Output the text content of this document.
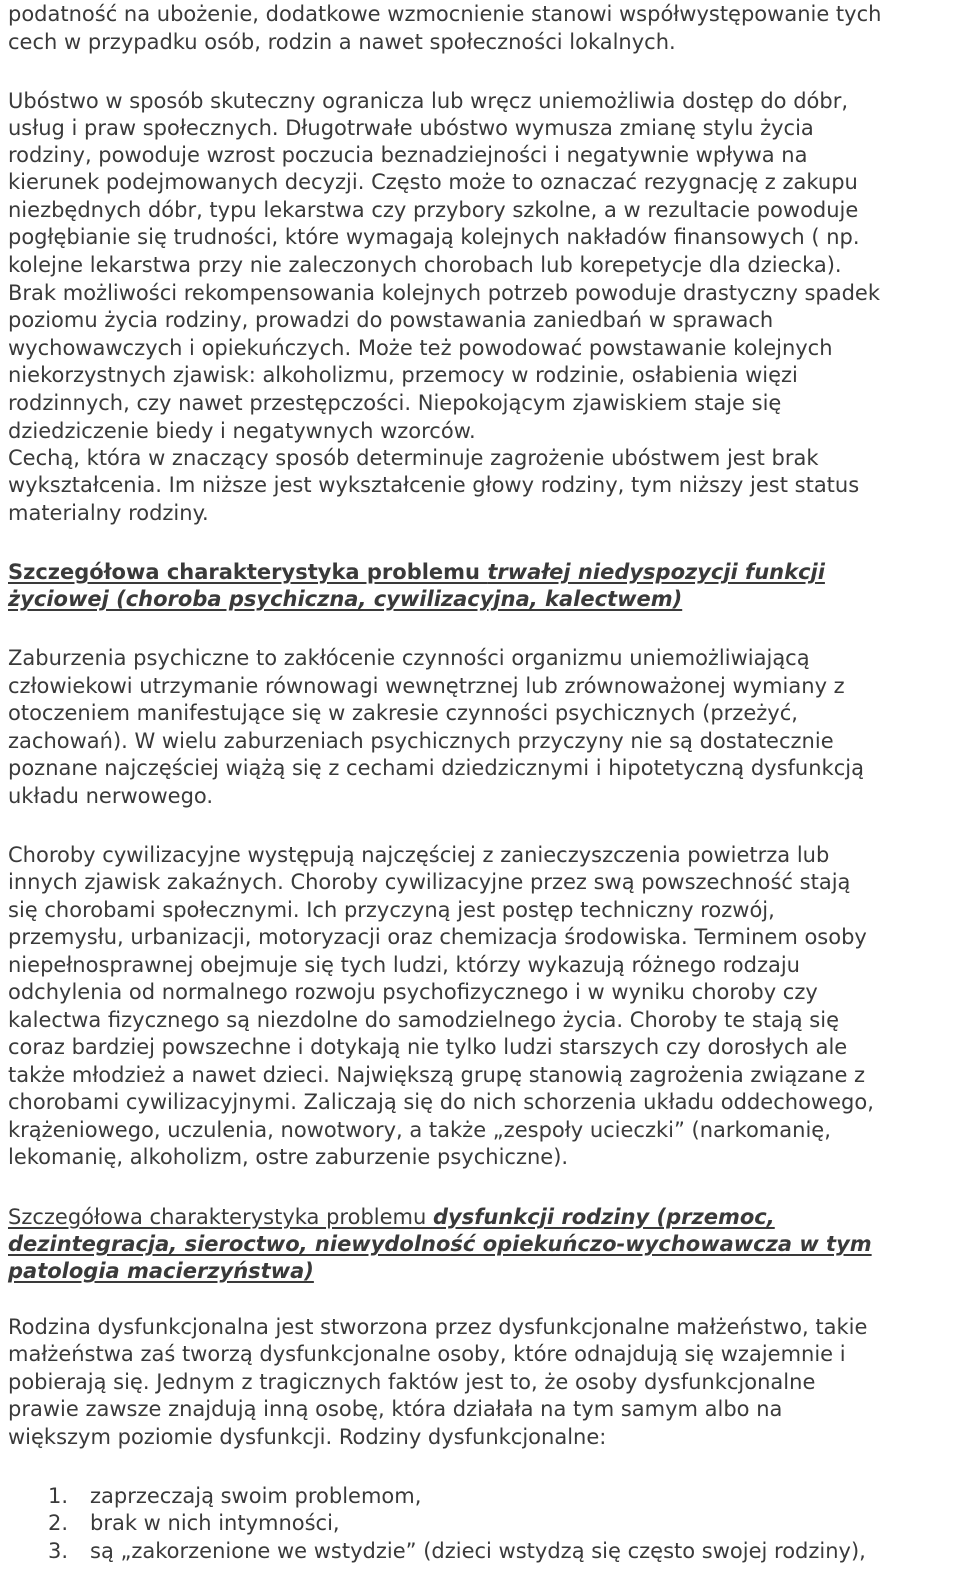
podatność na ubożenie, dodatkowe wzmocnienie stanowi współwystępowanie tych
cech w przypadku osób, rodzin a nawet społeczności lokalnych.
Ubóstwo w sposób skuteczny ogranicza lub wręcz uniemożliwia dostęp do dóbr,
usług i praw społecznych. Długotrwałe ubóstwo wymusza zmianę stylu życia
rodziny, powoduje wzrost poczucia beznadziejności i negatywnie wpływa na
kierunek podejmowanych decyzji. Często może to oznaczać rezygnację z zakupu
niezbędnych dóbr, typu lekarstwa czy przybory szkolne, a w rezultacie powoduje
pogłębianie się trudności, które wymagają kolejnych nakładów finansowych ( np.
kolejne lekarstwa przy nie zaleczonych chorobach lub korepetycje dla dziecka).
Brak możliwości rekompensowania kolejnych potrzeb powoduje drastyczny spadek
poziomu życia rodziny, prowadzi do powstawania zaniedbań w sprawach
wychowawczych i opiekuńczych. Może też powodować powstawanie kolejnych
niekorzystnych zjawisk: alkoholizmu, przemocy w rodzinie, osłabienia więzi
rodzinnych, czy nawet przestępczości. Niepokojącym zjawiskiem staje się
dziedziczenie biedy i negatywnych wzorców.
Cechą, która w znaczący sposób determinuje zagrożenie ubóstwem jest brak
wykształcenia. Im niższe jest wykształcenie głowy rodziny, tym niższy jest status
materialny rodziny.
Szczegółowa charakterystyka problemu trwałej niedyspozycji funkcji
życiowej (choroba psychiczna, cywilizacyjna, kalectwem)
Zaburzenia psychiczne to zakłócenie czynności organizmu uniemożliwiającą
człowiekowi utrzymanie równowagi wewnętrznej lub zrównoważonej wymiany z
otoczeniem manifestujące się w zakresie czynności psychicznych (przeżyć,
zachowań). W wielu zaburzeniach psychicznych przyczyny nie są dostatecznie
poznane najczęściej wiążą się z cechami dziedzicznymi i hipotetyczną dysfunkcją
układu nerwowego.
Choroby cywilizacyjne występują najczęściej z zanieczyszczenia powietrza lub
innych zjawisk zakaźnych. Choroby cywilizacyjne przez swą powszechność stają
się chorobami społecznymi. Ich przyczyną jest postęp techniczny rozwój,
przemysłu, urbanizacji, motoryzacji oraz chemizacja środowiska. Terminem osoby
niepełnosprawnej obejmuje się tych ludzi, którzy wykazują różnego rodzaju
odchylenia od normalnego rozwoju psychofizycznego i w wyniku choroby czy
kalectwa fizycznego są niezdolne do samodzielnego życia. Choroby te stają się
coraz bardziej powszechne i dotykają nie tylko ludzi starszych czy dorosłych ale
także młodzież a nawet dzieci. Największą grupę stanowią zagrożenia związane z
chorobami cywilizacyjnymi. Zaliczają się do nich schorzenia układu oddechowego,
krążeniowego, uczulenia, nowotwory, a także „zespoły ucieczki” (narkomanię,
lekomanię, alkoholizm, ostre zaburzenie psychiczne).
Szczegółowa charakterystyka problemu dysfunkcji rodziny (przemoc,
dezintegracja, sieroctwo, niewydolność opiekuńczo-wychowawcza w tym
patologia macierzyństwa)
Rodzina dysfunkcjonalna jest stworzona przez dysfunkcjonalne małżeństwo, takie
małżeństwa zaś tworzą dysfunkcjonalne osoby, które odnajdują się wzajemnie i
pobierają się. Jednym z tragicznych faktów jest to, że osoby dysfunkcjonalne
prawie zawsze znajdują inną osobę, która działała na tym samym albo na
większym poziomie dysfunkcji. Rodziny dysfunkcjonalne:
1. zaprzeczają swoim problemom,
2. brak w nich intymności,
3. są „zakorzenione we wstydzie” (dzieci wstydzą się często swojej rodziny),
